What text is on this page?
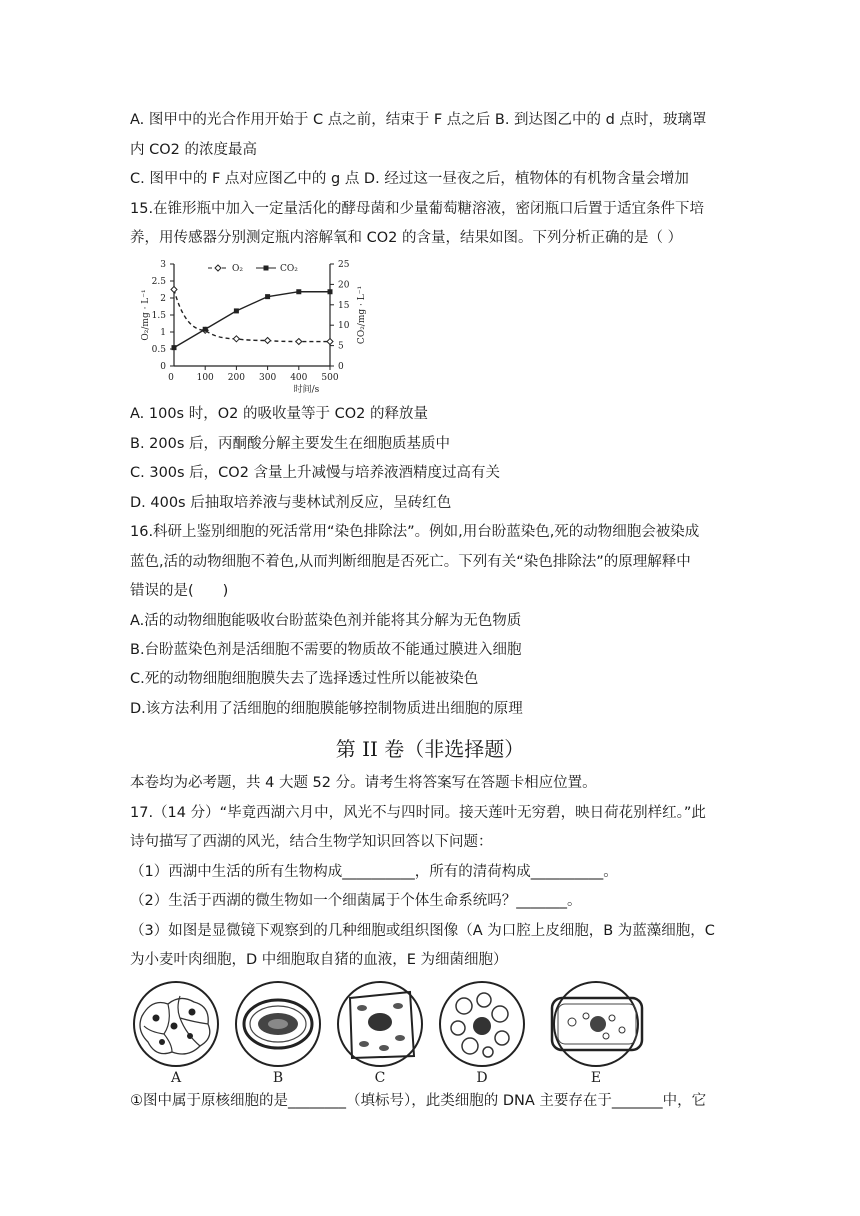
A. 图甲中的光合作用开始于 C 点之前，结束于 F 点之后 B. 到达图乙中的 d 点时，玻璃罩
内 CO2 的浓度最高
C. 图甲中的 F 点对应图乙中的 g 点 D. 经过这一昼夜之后，植物体的有机物含量会增加
15.在锥形瓶中加入一定量活化的酵母菌和少量葡萄糖溶液，密闭瓶口后置于适宜条件下培
养，用传感器分别测定瓶内溶解氧和 CO2 的含量，结果如图。下列分析正确的是（ ）
A. 100s 时，O2 的吸收量等于 CO2 的释放量
B. 200s 后，丙酮酸分解主要发生在细胞质基质中
C. 300s 后，CO2 含量上升减慢与培养液酒精度过高有关
D. 400s 后抽取培养液与斐林试剂反应，呈砖红色
16.科研上鉴别细胞的死活常用“染色排除法”。例如,用台盼蓝染色,死的动物细胞会被染成
蓝色,活的动物细胞不着色,从而判断细胞是否死亡。下列有关“染色排除法”的原理解释中
错误的是(　　)
A.活的动物细胞能吸收台盼蓝染色剂并能将其分解为无色物质
B.台盼蓝染色剂是活细胞不需要的物质故不能通过膜进入细胞
C.死的动物细胞细胞膜失去了选择透过性所以能被染色
D.该方法利用了活细胞的细胞膜能够控制物质进出细胞的原理
第 II 卷（非选择题）
本卷均为必考题，共 4 大题 52 分。请考生将答案写在答题卡相应位置。
17.（14 分）“毕竟西湖六月中，风光不与四时同。接天莲叶无穷碧，映日荷花别样红。”此
诗句描写了西湖的风光，结合生物学知识回答以下问题：
（1）西湖中生活的所有生物构成__________，所有的清荷构成__________。
（2）生活于西湖的微生物如一个细菌属于个体生命系统吗？_______。
（3）如图是显微镜下观察到的几种细胞或组织图像（A 为口腔上皮细胞，B 为蓝藻细胞，C
为小麦叶肉细胞，D 中细胞取自猪的血液，E 为细菌细胞）
①图中属于原核细胞的是________（填标号），此类细胞的 DNA 主要存在于_______中，它
0
0.5
1
1.5
2
2.5
3
0
5
10
15
20
25
100 200 300 400 500
0
时间/s
O₂/mg · L⁻¹	CO₂/mg · L⁻¹
O₂	CO₂
A	B	C	D	E
